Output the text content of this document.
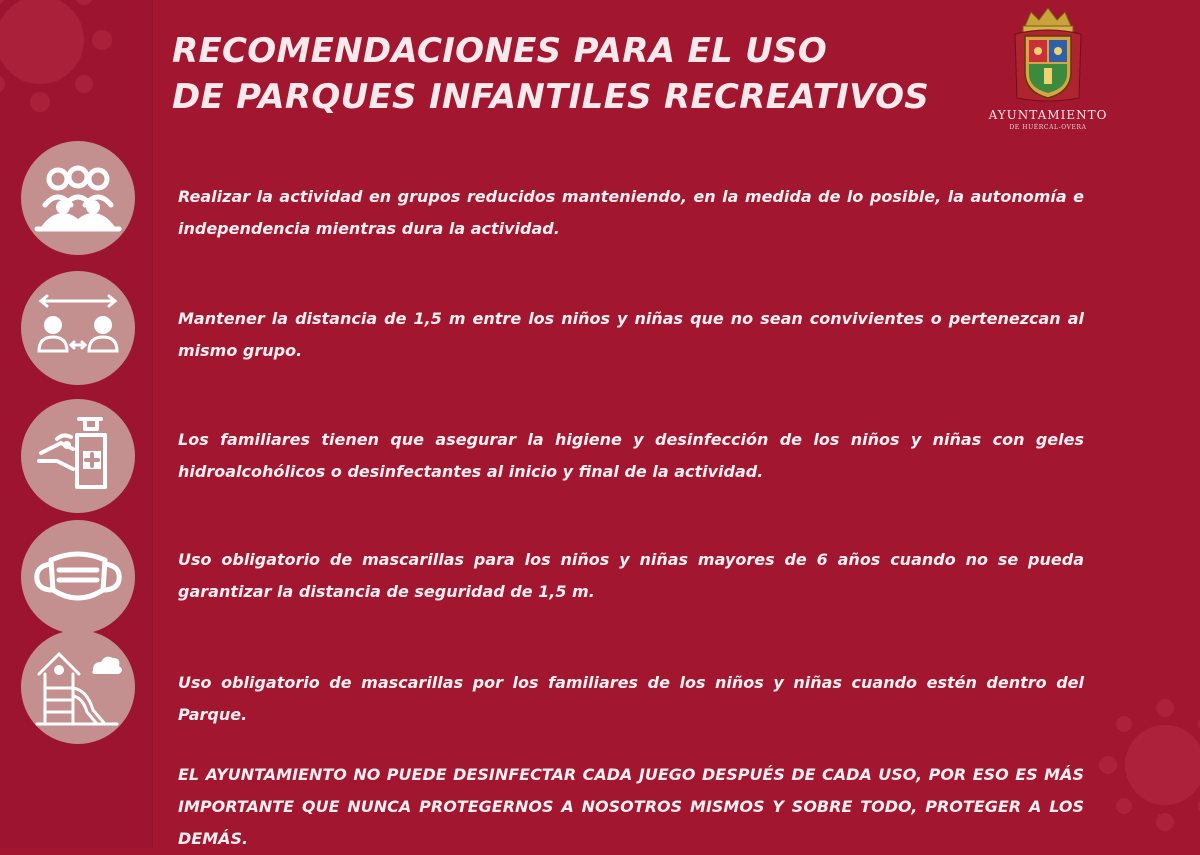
RECOMENDACIONES PARA EL USO
DE PARQUES INFANTILES RECREATIVOS	AYUNTAMIENTO
DE HUÉRCAL-OVERA

Realizar la actividad en grupos reducidos manteniendo, en la medida de lo posible, la autonomía e independencia mientras dura la actividad.

Mantener la distancia de 1,5 m entre los niños y niñas que no sean convivientes o pertenezcan al mismo grupo.

Los familiares tienen que asegurar la higiene y desinfección de los niños y niñas con geles hidroalcohólicos o desinfectantes al inicio y final de la actividad.

Uso obligatorio de mascarillas para los niños y niñas mayores de 6 años cuando no se pueda garantizar la distancia de seguridad de 1,5 m.

Uso obligatorio de mascarillas por los familiares de los niños y niñas cuando estén dentro del Parque.

EL AYUNTAMIENTO NO PUEDE DESINFECTAR CADA JUEGO DESPUÉS DE CADA USO, POR ESO ES MÁS IMPORTANTE QUE NUNCA PROTEGERNOS A NOSOTROS MISMOS Y SOBRE TODO, PROTEGER A LOS DEMÁS.
